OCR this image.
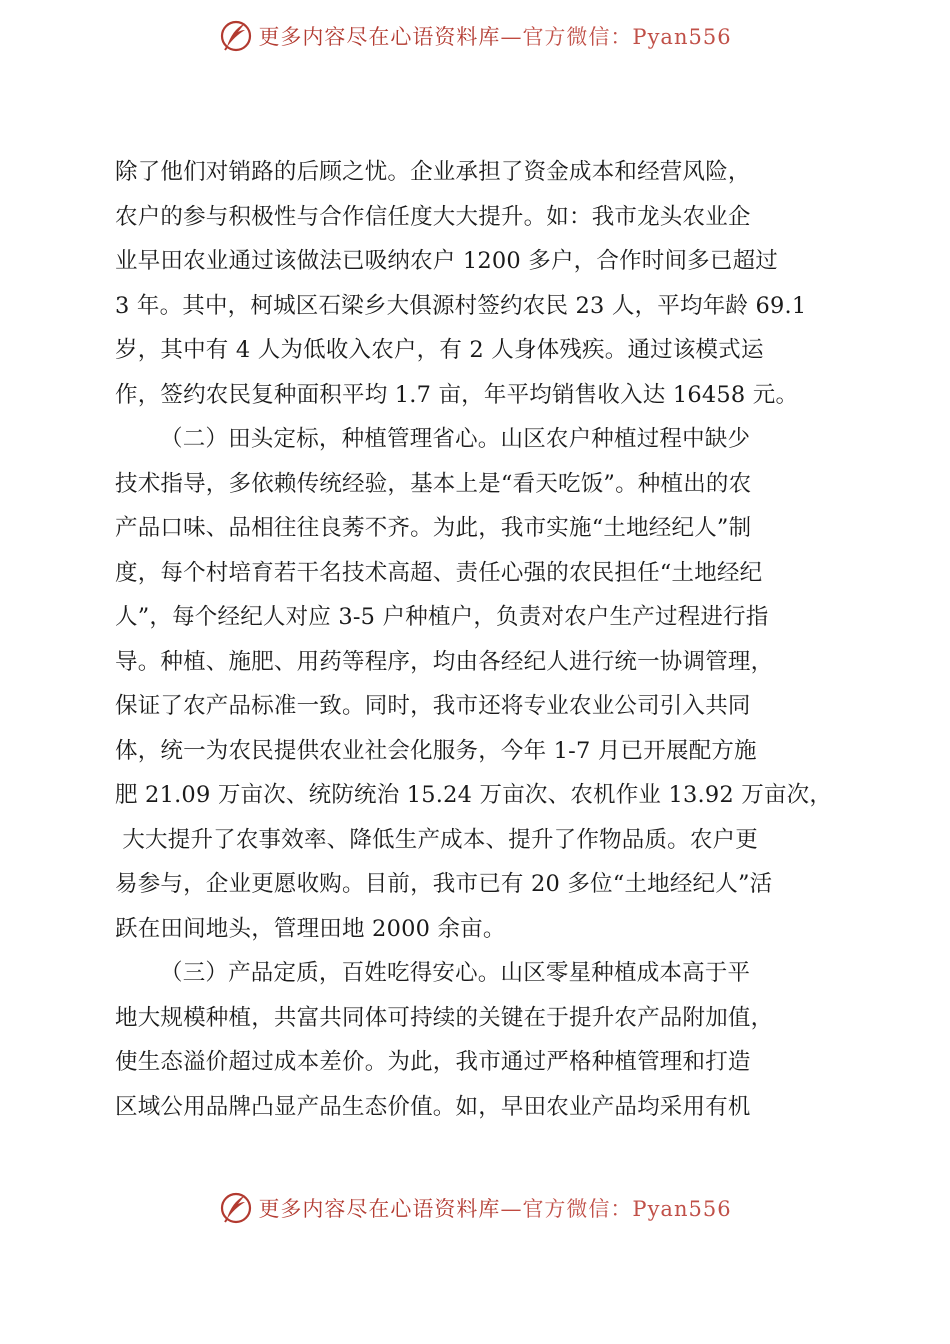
更多内容尽在心语资料库—官方微信：Pyan556
除了他们对销路的后顾之忧。企业承担了资金成本和经营风险，
农户的参与积极性与合作信任度大大提升。如：我市龙头农业企
业早田农业通过该做法已吸纳农户 1200 多户，合作时间多已超过
3 年。其中，柯城区石梁乡大俱源村签约农民 23 人，平均年龄 69.1
岁，其中有 4 人为低收入农户，有 2 人身体残疾。通过该模式运
作，签约农民复种面积平均 1.7 亩，年平均销售收入达 16458 元。
（二）田头定标，种植管理省心。山区农户种植过程中缺少
技术指导，多依赖传统经验，基本上是“看天吃饭”。种植出的农
产品口味、品相往往良莠不齐。为此，我市实施“土地经纪人”制
度，每个村培育若干名技术高超、责任心强的农民担任“土地经纪
人”，每个经纪人对应 3-5 户种植户，负责对农户生产过程进行指
导。种植、施肥、用药等程序，均由各经纪人进行统一协调管理，
保证了农产品标准一致。同时，我市还将专业农业公司引入共同
体，统一为农民提供农业社会化服务，今年 1-7 月已开展配方施
肥 21.09 万亩次、统防统治 15.24 万亩次、农机作业 13.92 万亩次，
大大提升了农事效率、降低生产成本、提升了作物品质。农户更
易参与，企业更愿收购。目前，我市已有 20 多位“土地经纪人”活
跃在田间地头，管理田地 2000 余亩。
（三）产品定质，百姓吃得安心。山区零星种植成本高于平
地大规模种植，共富共同体可持续的关键在于提升农产品附加值，
使生态溢价超过成本差价。为此，我市通过严格种植管理和打造
区域公用品牌凸显产品生态价值。如，早田农业产品均采用有机
更多内容尽在心语资料库—官方微信：Pyan556
